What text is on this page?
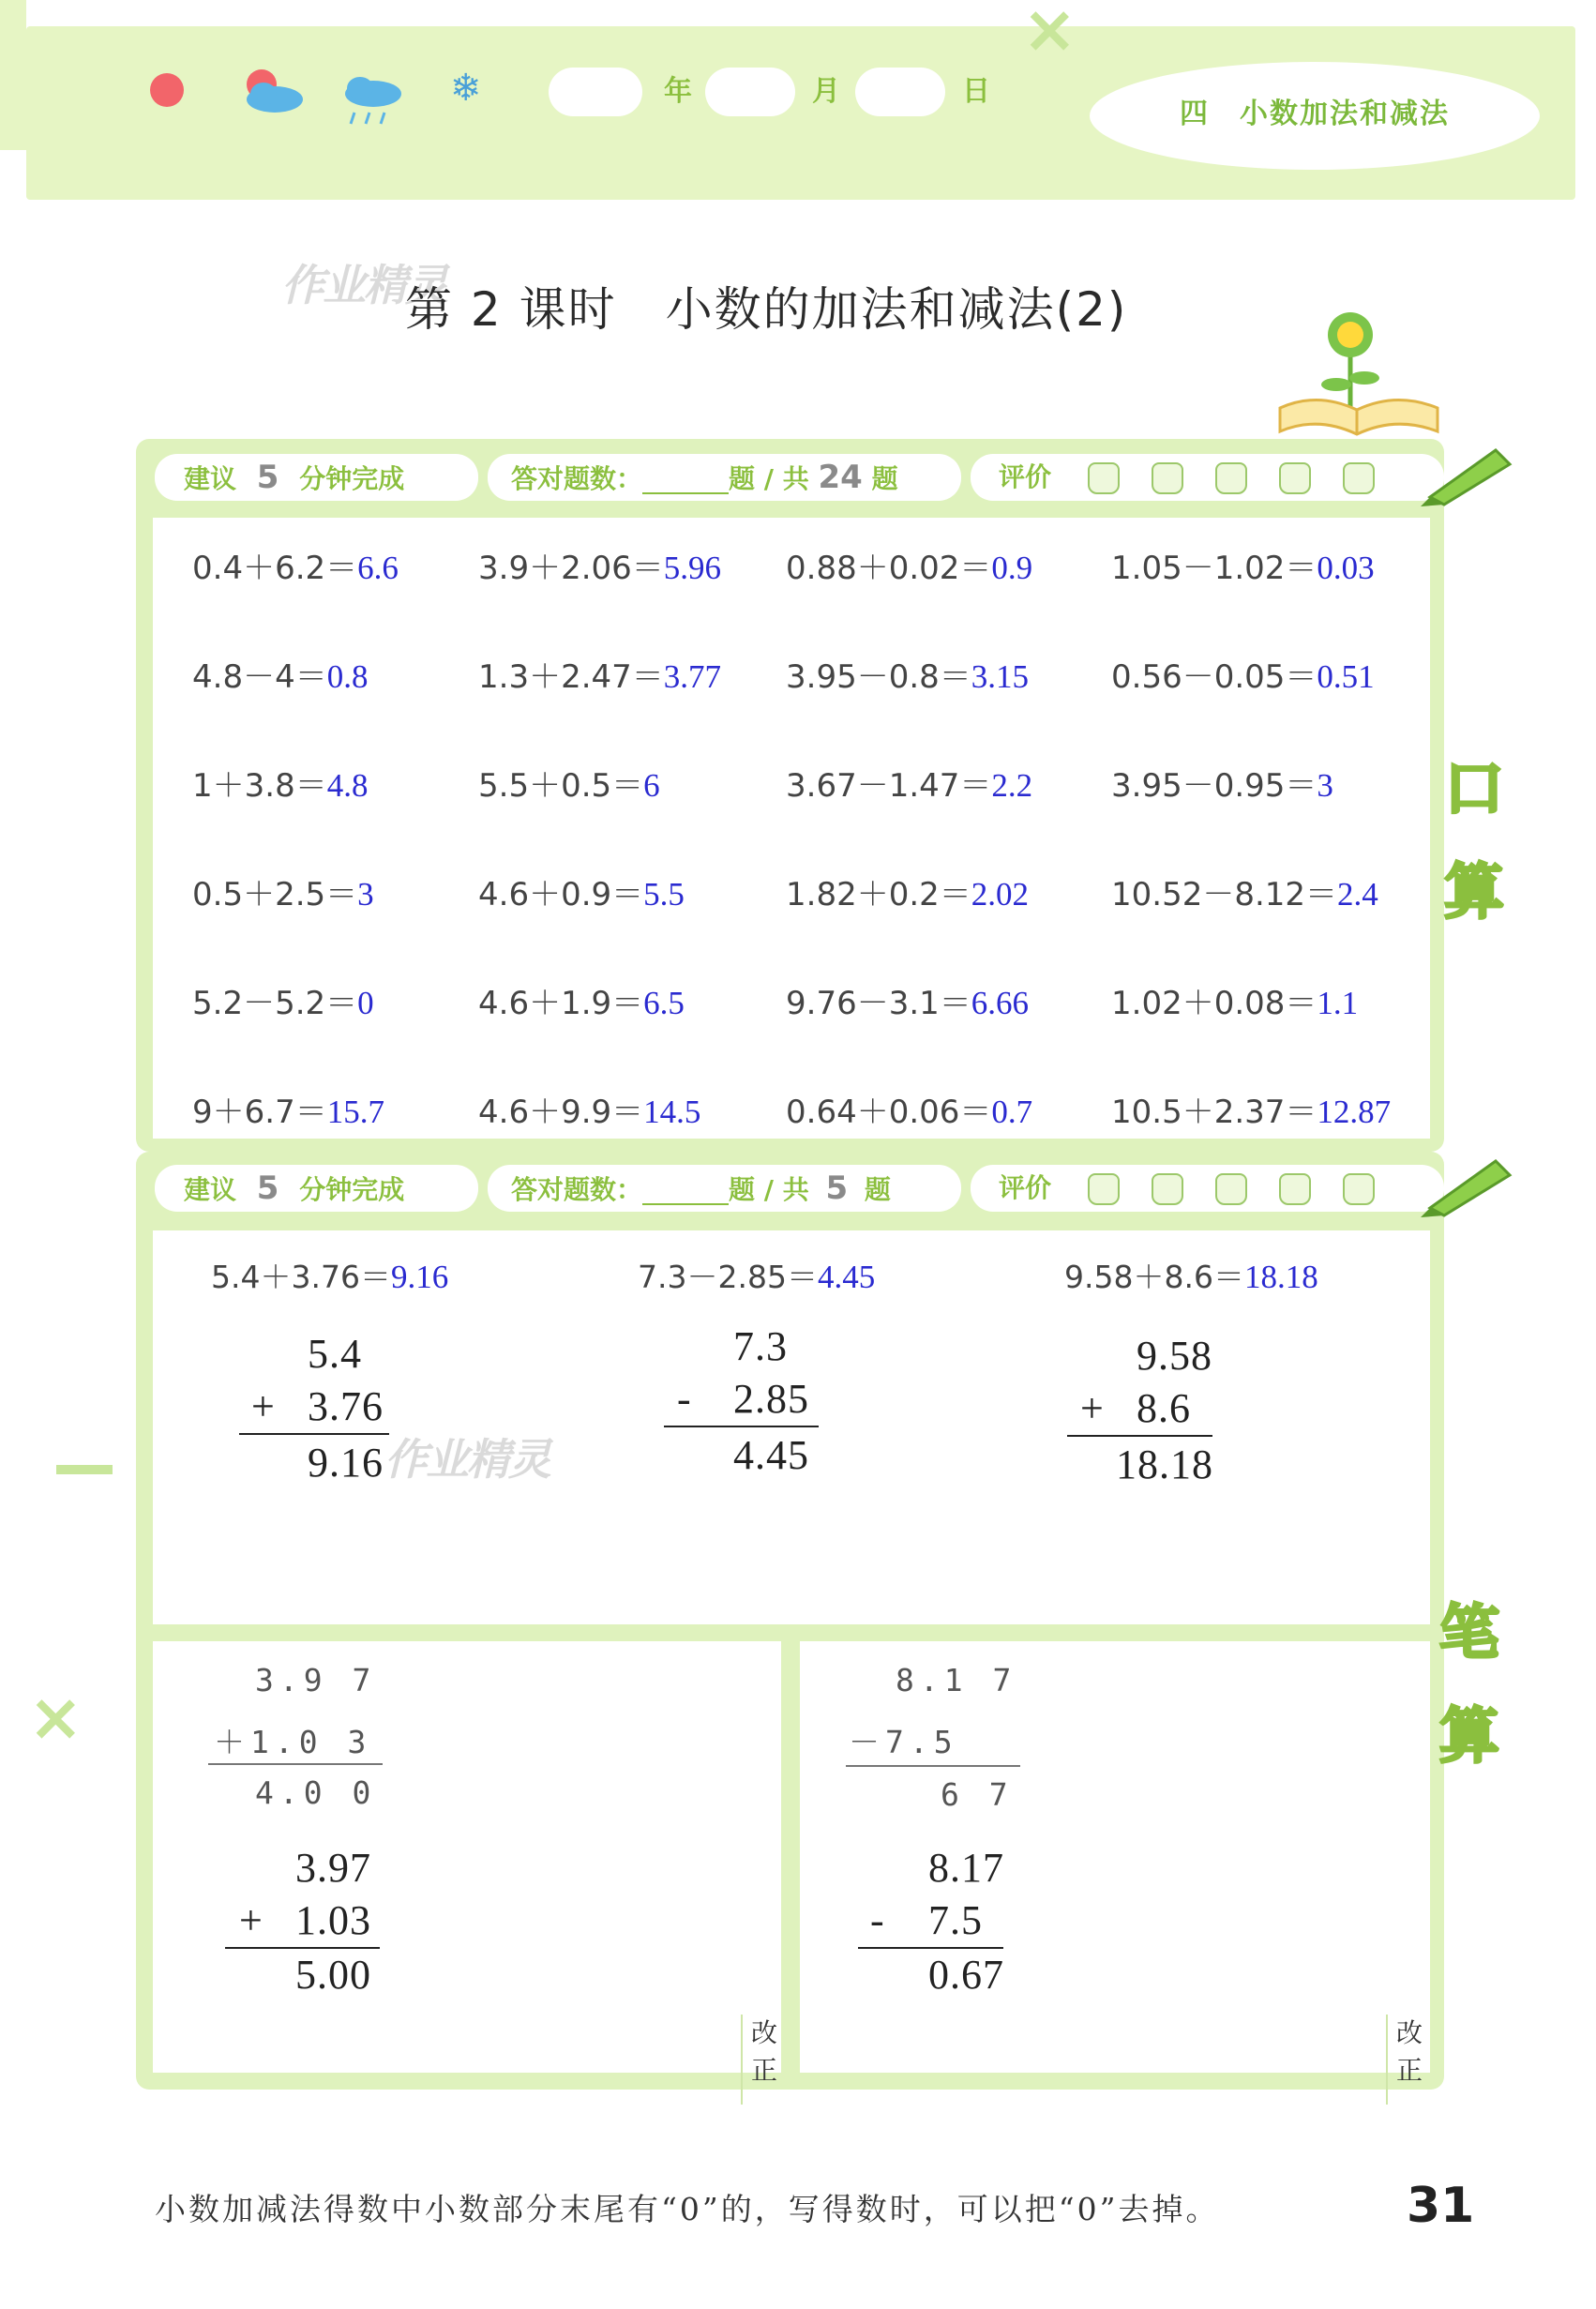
×
❄	年	月	日
四　小数加法和减法
作业精灵
第 2 课时　小数的加法和减法(2)
建议 5 分钟完成	答对题数：	题 / 共 24 题	评价
0.4＋6.2＝6.6	3.9＋2.06＝5.96 0.88＋0.02＝0.9 1.05－1.02＝0.03
4.8－4＝0.8	1.3＋2.47＝3.77 3.95－0.8＝3.15	0.56－0.05＝0.51
1＋3.8＝4.8	5.5＋0.5＝6	3.67－1.47＝2.2 3.95－0.95＝3
0.5＋2.5＝3	4.6＋0.9＝5.5	1.82＋0.2＝2.02	10.52－8.12＝2.4
5.2－5.2＝0	4.6＋1.9＝6.5	9.76－3.1＝6.66	1.02＋0.08＝1.1
9＋6.7＝15.7	4.6＋9.9＝14.5	0.64＋0.06＝0.7 10.5＋2.37＝12.87
口
算
建议 5 分钟完成	答对题数：	题 / 共 5 题	评价
5.4＋3.76＝9.16	7.3－2.85＝4.45	9.58＋8.6＝18.18
5.4
+ 3.76
9.16 作业精灵
7.3
- 2.85
4.45
9.58
+ 8.6
18.18
3.9 7
＋1.0 3
4.0 0
3.97
+ 1.03
5.00
改
正
8.1 7
－7.5
6 7
8.17
- 7.5
0.67
改
正
笔
算
×
小数加减法得数中小数部分末尾有“0”的，写得数时，可以把“0”去掉。	31
